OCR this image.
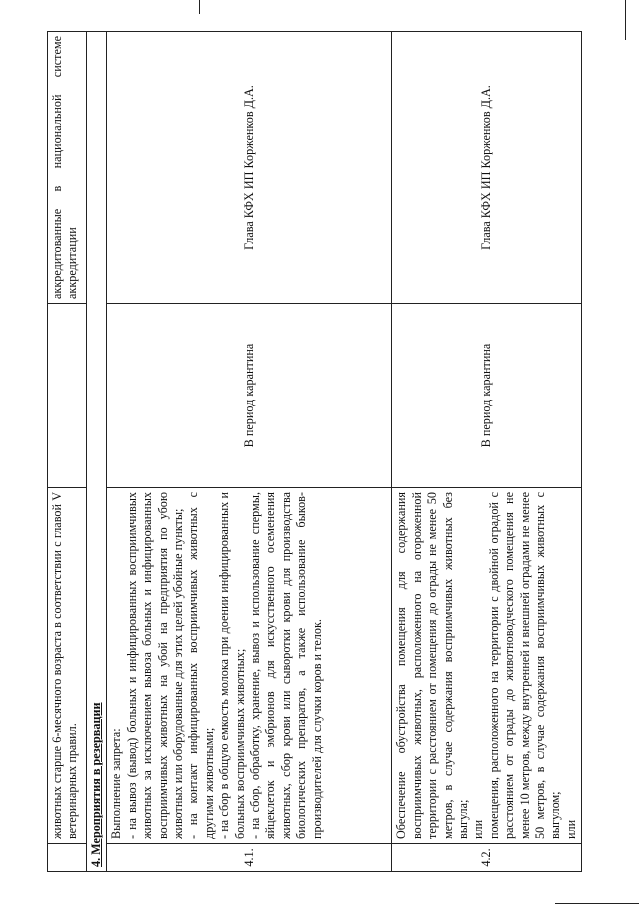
	животных старше 6-месячного возраста в соответствии с главой V ветеринарных правил.		аккредитованные в национальной системе аккредитации
4. Мероприятия в резервации			
4.1.	Выполнение запрета: - на вывоз (вывод) больных и инфицированных восприимчивых животных за исключением вывоза больных и инфицированных восприимчивых животных на убой на предприятия по убою животных или оборудованные для этих целей убойные пункты; - на контакт инфицированных восприимчивых животных с другими животными; - на сбор в общую емкость молока при доении инфицированных и больных восприимчивых животных; - на сбор, обработку, хранение, вывоз и использование спермы, яйцеклеток и эмбрионов для искусственного осеменения животных, сбор крови или сыворотки крови для производства биологических препаратов, а также использование быков-производителей для случки коров и телок.	В период карантина	Глава КФХ ИП Корженков Д.А.
4.2.	Обеспечение обустройства помещения для содержания восприимчивых животных, расположенного на огороженной территории с расстоянием от помещения до ограды не менее 50 метров, в случае содержания восприимчивых животных без выгула; или помещения, расположенного на территории с двойной оградой с расстоянием от ограды до животноводческого помещения не менее 10 метров, между внутренней и внешней оградами не менее 50 метров, в случае содержания восприимчивых животных с выгулом; или	В период карантина	Глава КФХ ИП Корженков Д.А.
